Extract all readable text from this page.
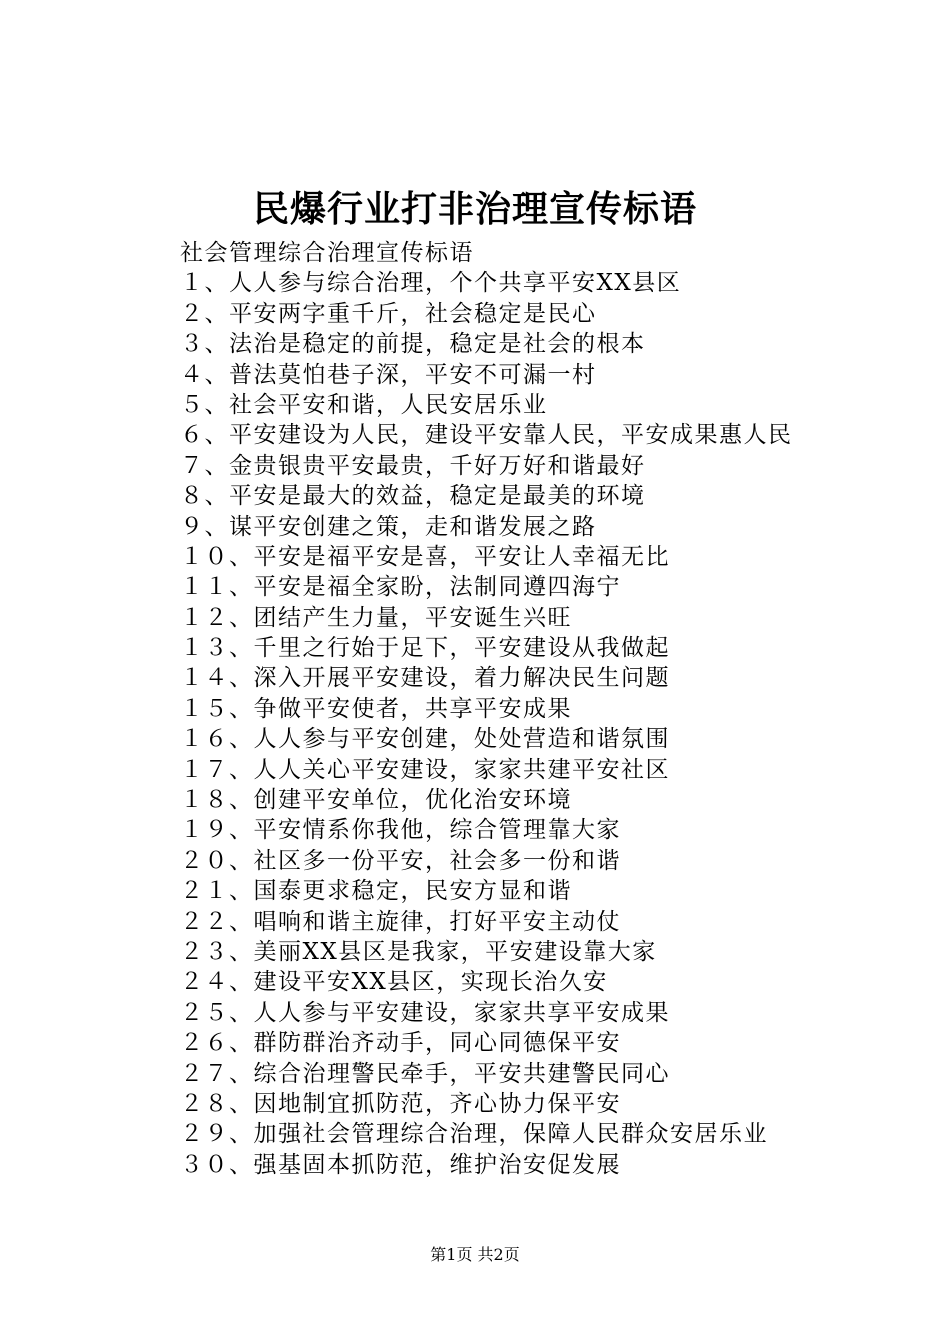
民爆行业打非治理宣传标语
社会管理综合治理宣传标语
１、人人参与综合治理，个个共享平安XX县区
２、平安两字重千斤，社会稳定是民心
３、法治是稳定的前提，稳定是社会的根本
４、普法莫怕巷子深，平安不可漏一村
５、社会平安和谐，人民安居乐业
６、平安建设为人民，建设平安靠人民，平安成果惠人民
７、金贵银贵平安最贵，千好万好和谐最好
８、平安是最大的效益，稳定是最美的环境
９、谋平安创建之策，走和谐发展之路
１０、平安是福平安是喜，平安让人幸福无比
１１、平安是福全家盼，法制同遵四海宁
１２、团结产生力量，平安诞生兴旺
１３、千里之行始于足下，平安建设从我做起
１４、深入开展平安建设，着力解决民生问题
１５、争做平安使者，共享平安成果
１６、人人参与平安创建，处处营造和谐氛围
１７、人人关心平安建设，家家共建平安社区
１８、创建平安单位，优化治安环境
１９、平安情系你我他，综合管理靠大家
２０、社区多一份平安，社会多一份和谐
２１、国泰更求稳定，民安方显和谐
２２、唱响和谐主旋律，打好平安主动仗
２３、美丽XX县区是我家，平安建设靠大家
２４、建设平安XX县区，实现长治久安
２５、人人参与平安建设，家家共享平安成果
２６、群防群治齐动手，同心同德保平安
２７、综合治理警民牵手，平安共建警民同心
２８、因地制宜抓防范，齐心协力保平安
２９、加强社会管理综合治理，保障人民群众安居乐业
３０、强基固本抓防范，维护治安促发展
第1页 共2页
